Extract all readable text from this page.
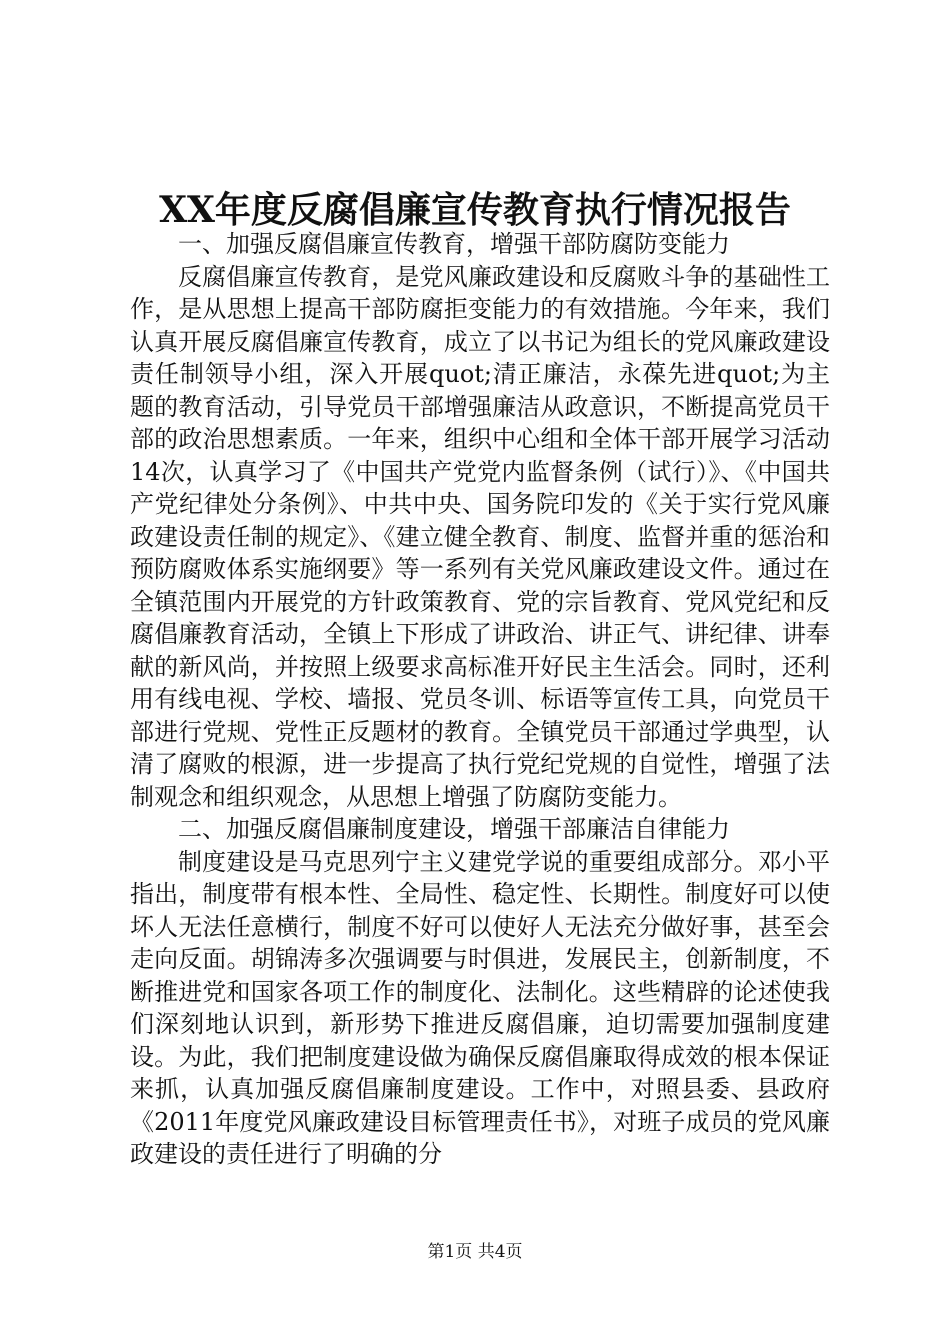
XX年度反腐倡廉宣传教育执行情况报告

一、加强反腐倡廉宣传教育，增强干部防腐防变能力

反腐倡廉宣传教育，是党风廉政建设和反腐败斗争的基础性工作，是从思想上提高干部防腐拒变能力的有效措施。今年来，我们认真开展反腐倡廉宣传教育，成立了以书记为组长的党风廉政建设责任制领导小组，深入开展quot;清正廉洁，永葆先进quot;为主题的教育活动，引导党员干部增强廉洁从政意识，不断提高党员干部的政治思想素质。一年来，组织中心组和全体干部开展学习活动14次，认真学习了《中国共产党党内监督条例（试行）》、《中国共产党纪律处分条例》、中共中央、国务院印发的《关于实行党风廉政建设责任制的规定》、《建立健全教育、制度、监督并重的惩治和预防腐败体系实施纲要》等一系列有关党风廉政建设文件。通过在全镇范围内开展党的方针政策教育、党的宗旨教育、党风党纪和反腐倡廉教育活动，全镇上下形成了讲政治、讲正气、讲纪律、讲奉献的新风尚，并按照上级要求高标准开好民主生活会。同时，还利用有线电视、学校、墙报、党员冬训、标语等宣传工具，向党员干部进行党规、党性正反题材的教育。全镇党员干部通过学典型，认清了腐败的根源，进一步提高了执行党纪党规的自觉性，增强了法制观念和组织观念，从思想上增强了防腐防变能力。

二、加强反腐倡廉制度建设，增强干部廉洁自律能力

制度建设是马克思列宁主义建党学说的重要组成部分。邓小平指出，制度带有根本性、全局性、稳定性、长期性。制度好可以使坏人无法任意横行，制度不好可以使好人无法充分做好事，甚至会走向反面。胡锦涛多次强调要与时俱进，发展民主，创新制度，不断推进党和国家各项工作的制度化、法制化。这些精辟的论述使我们深刻地认识到，新形势下推进反腐倡廉，迫切需要加强制度建设。为此，我们把制度建设做为确保反腐倡廉取得成效的根本保证来抓，认真加强反腐倡廉制度建设。工作中，对照县委、县政府《2011年度党风廉政建设目标管理责任书》，对班子成员的党风廉政建设的责任进行了明确的分

第1页 共4页
